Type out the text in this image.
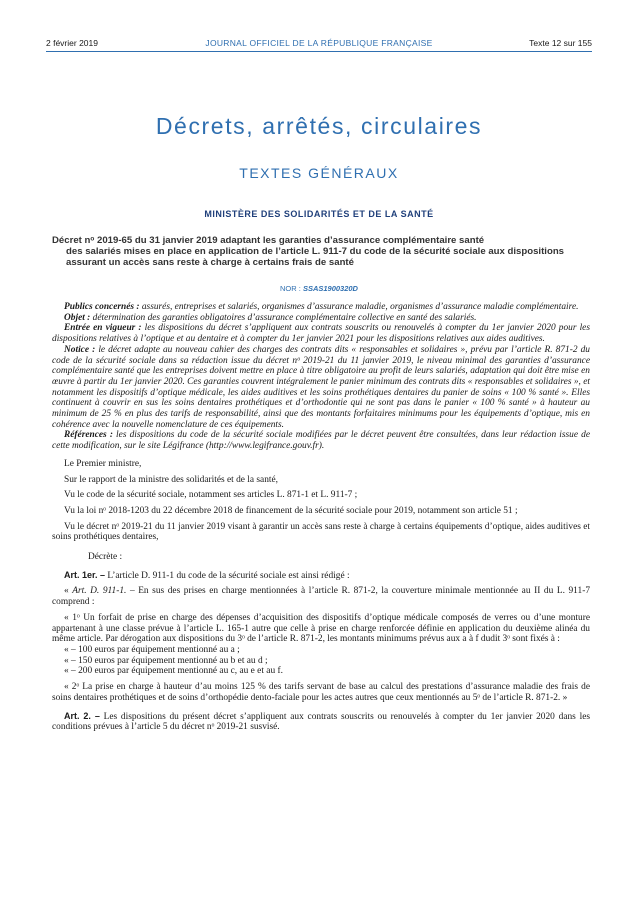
2 février 2019	JOURNAL OFFICIEL DE LA RÉPUBLIQUE FRANÇAISE	Texte 12 sur 155
Décrets, arrêtés, circulaires
TEXTES GÉNÉRAUX
MINISTÈRE DES SOLIDARITÉS ET DE LA SANTÉ
Décret nᵒ 2019-65 du 31 janvier 2019 adaptant les garanties d’assurance complémentaire santé
des salariés mises en place en application de l’article L. 911-7 du code de la sécurité sociale aux dispositions assurant un accès sans reste à charge à certains frais de santé
NOR : SSAS1900320D

Publics concernés : assurés, entreprises et salariés, organismes d’assurance maladie, organismes d’assurance maladie complémentaire.

Objet : détermination des garanties obligatoires d’assurance complémentaire collective en santé des salariés.

Entrée en vigueur : les dispositions du décret s’appliquent aux contrats souscrits ou renouvelés à compter du 1er janvier 2020 pour les dispositions relatives à l’optique et au dentaire et à compter du 1er janvier 2021 pour les dispositions relatives aux aides auditives.

Notice : le décret adapte au nouveau cahier des charges des contrats dits « responsables et solidaires », prévu par l’article R. 871-2 du code de la sécurité sociale dans sa rédaction issue du décret nᵒ 2019-21 du 11 janvier 2019, le niveau minimal des garanties d’assurance complémentaire santé que les entreprises doivent mettre en place à titre obligatoire au profit de leurs salariés, adaptation qui doit être mise en œuvre à partir du 1er janvier 2020. Ces garanties couvrent intégralement le panier minimum des contrats dits « responsables et solidaires », et notamment les dispositifs d’optique médicale, les aides auditives et les soins prothétiques dentaires du panier de soins « 100 % santé ». Elles continuent à couvrir en sus les soins dentaires prothétiques et d’orthodontie qui ne sont pas dans le panier « 100 % santé » à hauteur au minimum de 25 % en plus des tarifs de responsabilité, ainsi que des montants forfaitaires minimums pour les équipements d’optique, mis en cohérence avec la nouvelle nomenclature de ces équipements.

Références : les dispositions du code de la sécurité sociale modifiées par le décret peuvent être consultées, dans leur rédaction issue de cette modification, sur le site Légifrance (http://www.legifrance.gouv.fr).

Le Premier ministre,

Sur le rapport de la ministre des solidarités et de la santé,

Vu le code de la sécurité sociale, notamment ses articles L. 871-1 et L. 911-7 ;

Vu la loi nᵒ 2018-1203 du 22 décembre 2018 de financement de la sécurité sociale pour 2019, notamment son article 51 ;

Vu le décret nᵒ 2019-21 du 11 janvier 2019 visant à garantir un accès sans reste à charge à certains équipements d’optique, aides auditives et soins prothétiques dentaires,

Décrète :

Art. 1er. – L’article D. 911-1 du code de la sécurité sociale est ainsi rédigé :

« Art. D. 911-1. – En sus des prises en charge mentionnées à l’article R. 871-2, la couverture minimale mentionnée au II du L. 911-7 comprend :

« 1ᵒ Un forfait de prise en charge des dépenses d’acquisition des dispositifs d’optique médicale composés de verres ou d’une monture appartenant à une classe prévue à l’article L. 165-1 autre que celle à prise en charge renforcée définie en application du deuxième alinéa du même article. Par dérogation aux dispositions du 3ᵒ de l’article R. 871-2, les montants minimums prévus aux a à f dudit 3ᵒ sont fixés à :

« – 100 euros par équipement mentionné au a ;

« – 150 euros par équipement mentionné au b et au d ;

« – 200 euros par équipement mentionné au c, au e et au f.

« 2ᵒ La prise en charge à hauteur d’au moins 125 % des tarifs servant de base au calcul des prestations d’assurance maladie des frais de soins dentaires prothétiques et de soins d’orthopédie dento-faciale pour les actes autres que ceux mentionnés au 5ᵒ de l’article R. 871-2. »

Art. 2. – Les dispositions du présent décret s’appliquent aux contrats souscrits ou renouvelés à compter du 1er janvier 2020 dans les conditions prévues à l’article 5 du décret nᵒ 2019-21 susvisé.
